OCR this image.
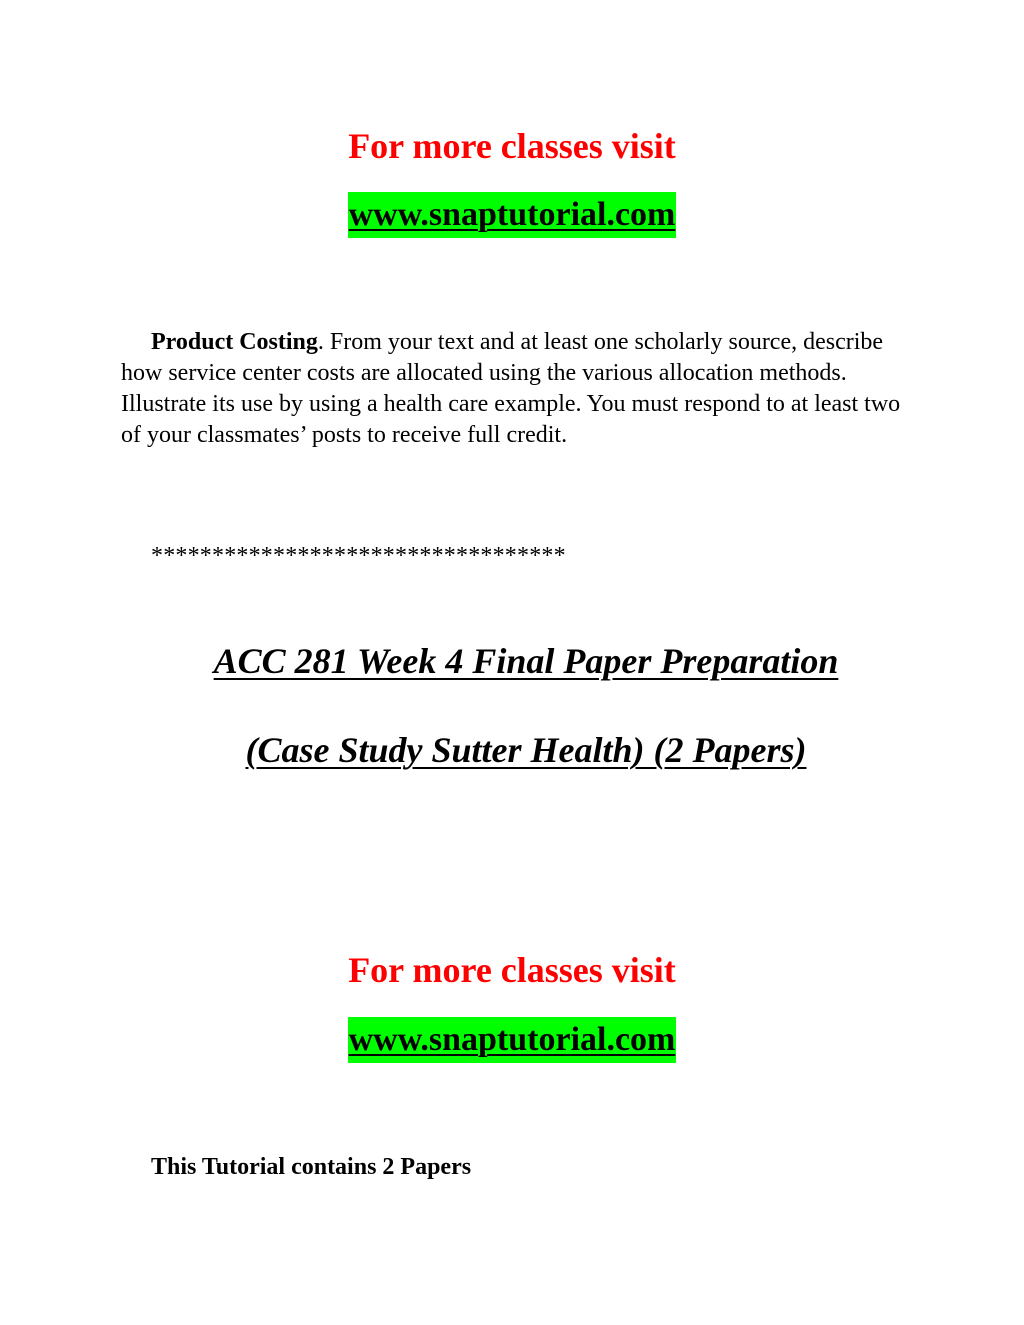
For more classes visit
www.snaptutorial.com
Product Costing. From your text and at least one scholarly source, describe how service center costs are allocated using the various allocation methods. Illustrate its use by using a health care example. You must respond to at least two of your classmates’ posts to receive full credit.
**********************************
ACC 281 Week 4 Final Paper Preparation
(Case Study Sutter Health) (2 Papers)
For more classes visit
www.snaptutorial.com
This Tutorial contains 2 Papers
